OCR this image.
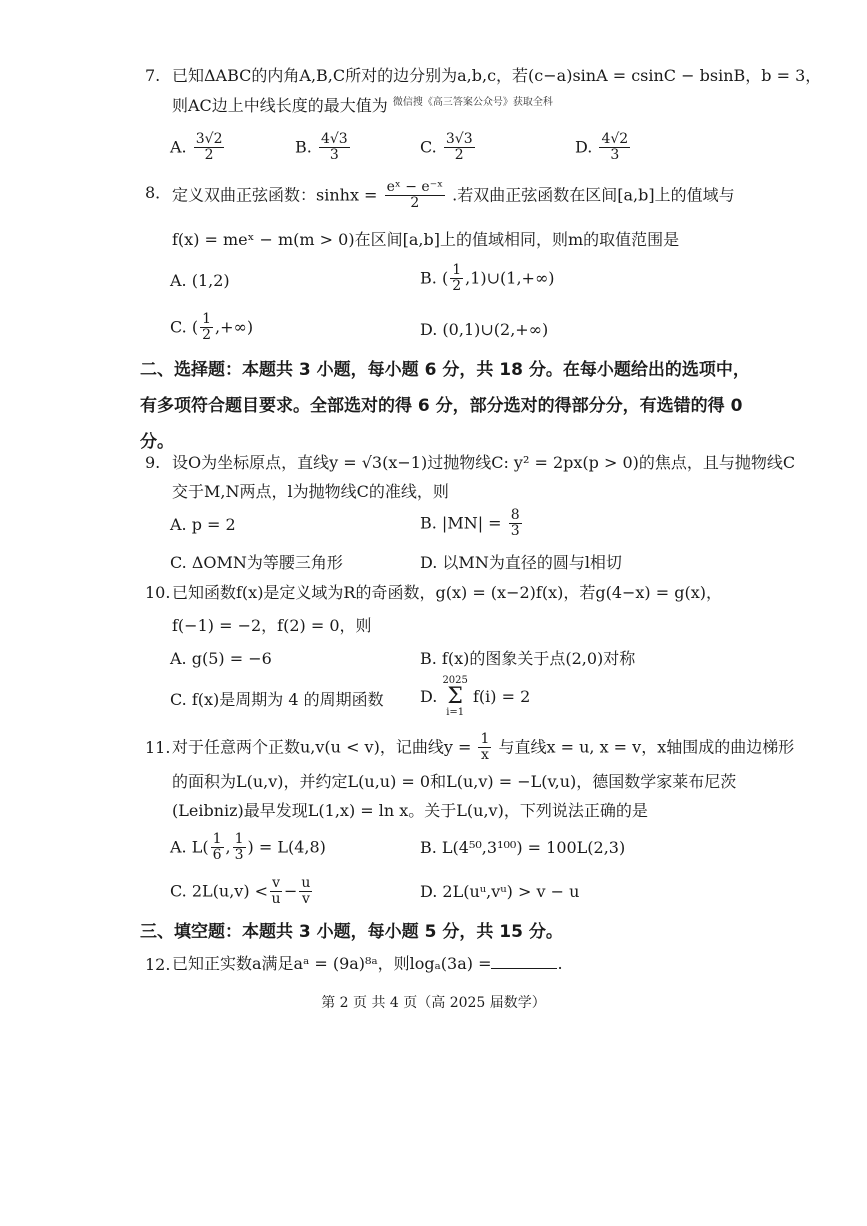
7. 已知ΔABC的内角A,B,C所对的边分别为a,b,c，若(c−a)sinA = csinC − bsinB，b = 3，
则AC边上中线长度的最大值为 $^{微信搜《高三答案公众号》获取全科}$
A. $\frac{3√2}{2}$	B. $\frac{4√3}{3}$	C. $\frac{3√3}{2}$	D. $\frac{4√2}{3}$
8． 定义双曲正弦函数：$\sinh x = \frac{\text{eˣ − e⁻ˣ}}{2}$ .若双曲正弦函数在区间[a,b]上的值域与
f(x) = meˣ − m(m > 0)在区间[a,b]上的值域相同，则m的取值范围是
A. (1,2)	B. ( $\frac{1}{2}$ ,1)∪(1,+∞)
C. ( $\frac{1}{2}$ ,+∞)	D. (0,1)∪(2,+∞)
二、选择题：本题共 3 小题，每小题 6 分，共 18 分。在每小题给出的选项中，有多项符合题目要求。全部选对的得 6 分，部分选对的得部分分，有选错的得 0 分。
9. 设O为坐标原点，直线y = √3(x−1)过抛物线C: y² = 2px(p > 0)的焦点，且与抛物线C
交于M,N两点，l为抛物线C的准线，则
A. p = 2	B. $|MN| = \frac{8}{3}$
C. ΔOMN为等腰三角形	D. 以MN为直径的圆与l相切
10. 已知函数f(x)是定义域为R的奇函数，g(x) = (x−2)f(x)，若g(4−x) = g(x)，
f(−1) = −2，f(2) = 0，则
A. g(5) = −6	B. f(x)的图象关于点(2,0)对称
C. f(x)是周期为 4 的周期函数 D. 2025
Σ
i=1 f(i) = 2
11. 对于任意两个正数u,v(u < v)，记曲线$y = \frac{1}{x}$ 与直线x = u, x = v，x轴围成的曲边梯形
的面积为L(u,v)，并约定L(u,u) = 0和L(u,v) = −L(v,u)，德国数学家莱布尼茨
(Leibniz)最早发现L(1,x) = ln x。关于L(u,v)，下列说法正确的是
A. $L( \frac{1}{6}$ , $\frac{1}{3}$ ) = L(4,8)	B. L(4⁵⁰,3¹⁰⁰) = 100L(2,3)
C. $2L(u,v) < \frac{v}{u} - \frac{u}{v}$	D. 2L(uᵘ,vᵘ) > v − u
三、填空题：本题共 3 小题，每小题 5 分，共 15 分。
12. 已知正实数a满足aᵃ = (9a)⁸ᵃ，则logₐ(3a) =	.
第 2 页 共 4 页（高 2025 届数学）
